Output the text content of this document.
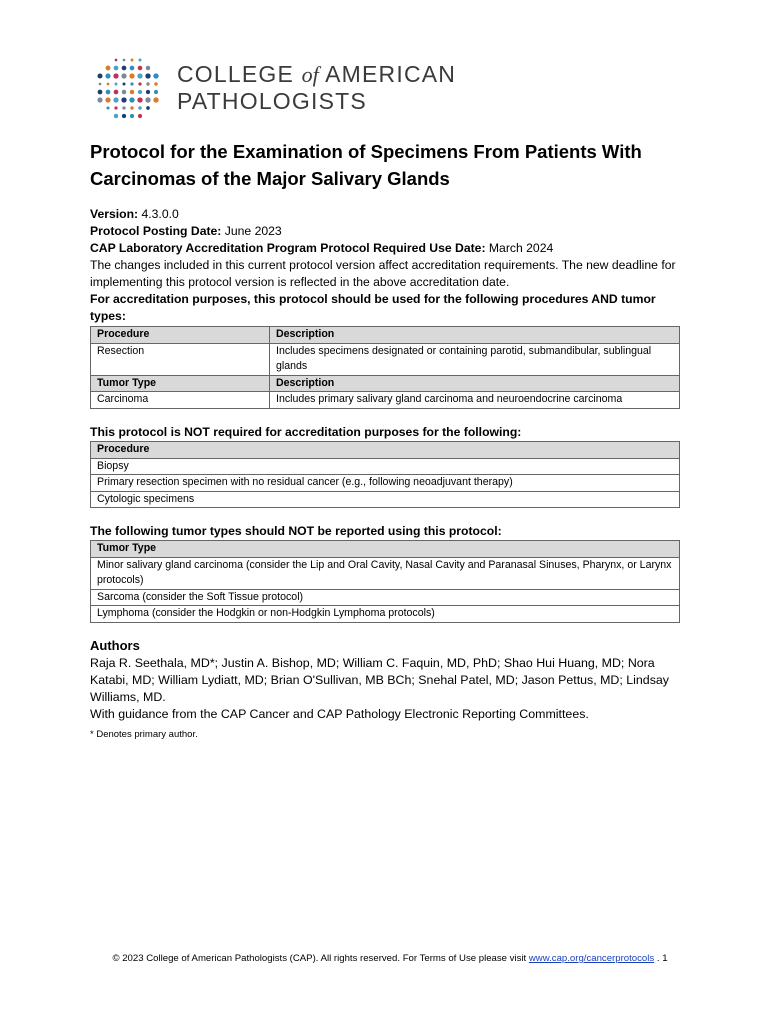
COLLEGE of AMERICAN
PATHOLOGISTS
Protocol for the Examination of Specimens From Patients With Carcinomas of the Major Salivary Glands

Version: 4.3.0.0

Protocol Posting Date: June 2023

CAP Laboratory Accreditation Program Protocol Required Use Date: March 2024

The changes included in this current protocol version affect accreditation requirements. The new deadline for implementing this protocol version is reflected in the above accreditation date.

For accreditation purposes, this protocol should be used for the following procedures AND tumor types:

Procedure	Description
Resection	Includes specimens designated or containing parotid, submandibular, sublingual glands
Tumor Type	Description
Carcinoma	Includes primary salivary gland carcinoma and neuroendocrine carcinoma
This protocol is NOT required for accreditation purposes for the following:
Procedure
Biopsy
Primary resection specimen with no residual cancer (e.g., following neoadjuvant therapy)
Cytologic specimens
The following tumor types should NOT be reported using this protocol:
Tumor Type
Minor salivary gland carcinoma (consider the Lip and Oral Cavity, Nasal Cavity and Paranasal Sinuses, Pharynx, or Larynx protocols)
Sarcoma (consider the Soft Tissue protocol)
Lymphoma (consider the Hodgkin or non-Hodgkin Lymphoma protocols)
Authors

Raja R. Seethala, MD*; Justin A. Bishop, MD; William C. Faquin, MD, PhD; Shao Hui Huang, MD; Nora Katabi, MD; William Lydiatt, MD; Brian O'Sullivan, MB BCh; Snehal Patel, MD; Jason Pettus, MD; Lindsay Williams, MD.

With guidance from the CAP Cancer and CAP Pathology Electronic Reporting Committees.

* Denotes primary author.

© 2023 College of American Pathologists (CAP). All rights reserved. For Terms of Use please visit www.cap.org/cancerprotocols . 1
